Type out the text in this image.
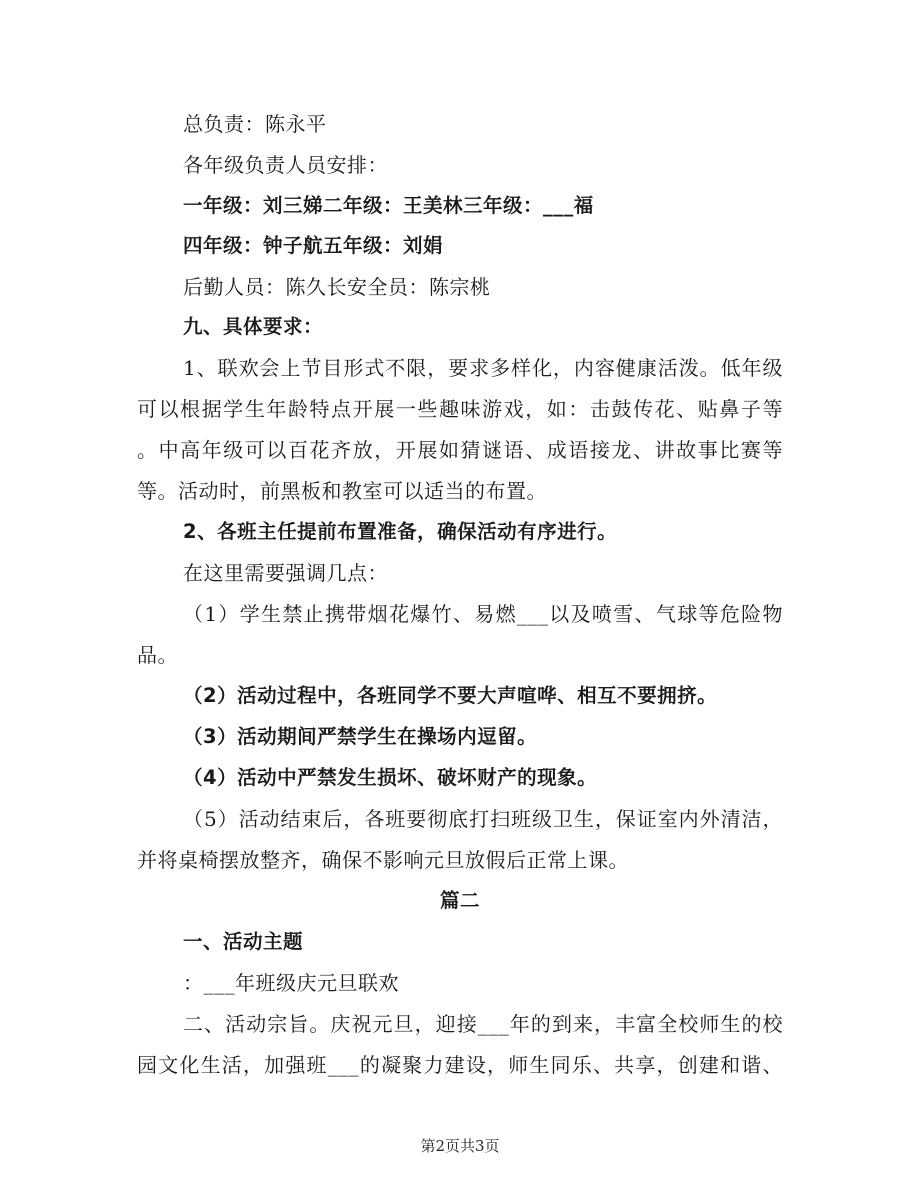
总负责：陈永平
各年级负责人员安排：
一年级：刘三娣二年级：王美林三年级：___福
四年级：钟子航五年级：刘娟
后勤人员：陈久长安全员：陈宗桃
九、具体要求：
1、联欢会上节目形式不限，要求多样化，内容健康活泼。低年级
可以根据学生年龄特点开展一些趣味游戏，如：击鼓传花、贴鼻子等
。中高年级可以百花齐放，开展如猜谜语、成语接龙、讲故事比赛等
等。活动时，前黑板和教室可以适当的布置。
2、各班主任提前布置准备，确保活动有序进行。
在这里需要强调几点：
（1）学生禁止携带烟花爆竹、易燃___以及喷雪、气球等危险物
品。
（2）活动过程中，各班同学不要大声喧哗、相互不要拥挤。
（3）活动期间严禁学生在操场内逗留。
（4）活动中严禁发生损坏、破坏财产的现象。
（5）活动结束后，各班要彻底打扫班级卫生，保证室内外清洁，
并将桌椅摆放整齐，确保不影响元旦放假后正常上课。
篇二
一、活动主题
：___年班级庆元旦联欢
二、活动宗旨。庆祝元旦，迎接___年的到来，丰富全校师生的校
园文化生活，加强班___的凝聚力建设，师生同乐、共享，创建和谐、
第2页共3页
